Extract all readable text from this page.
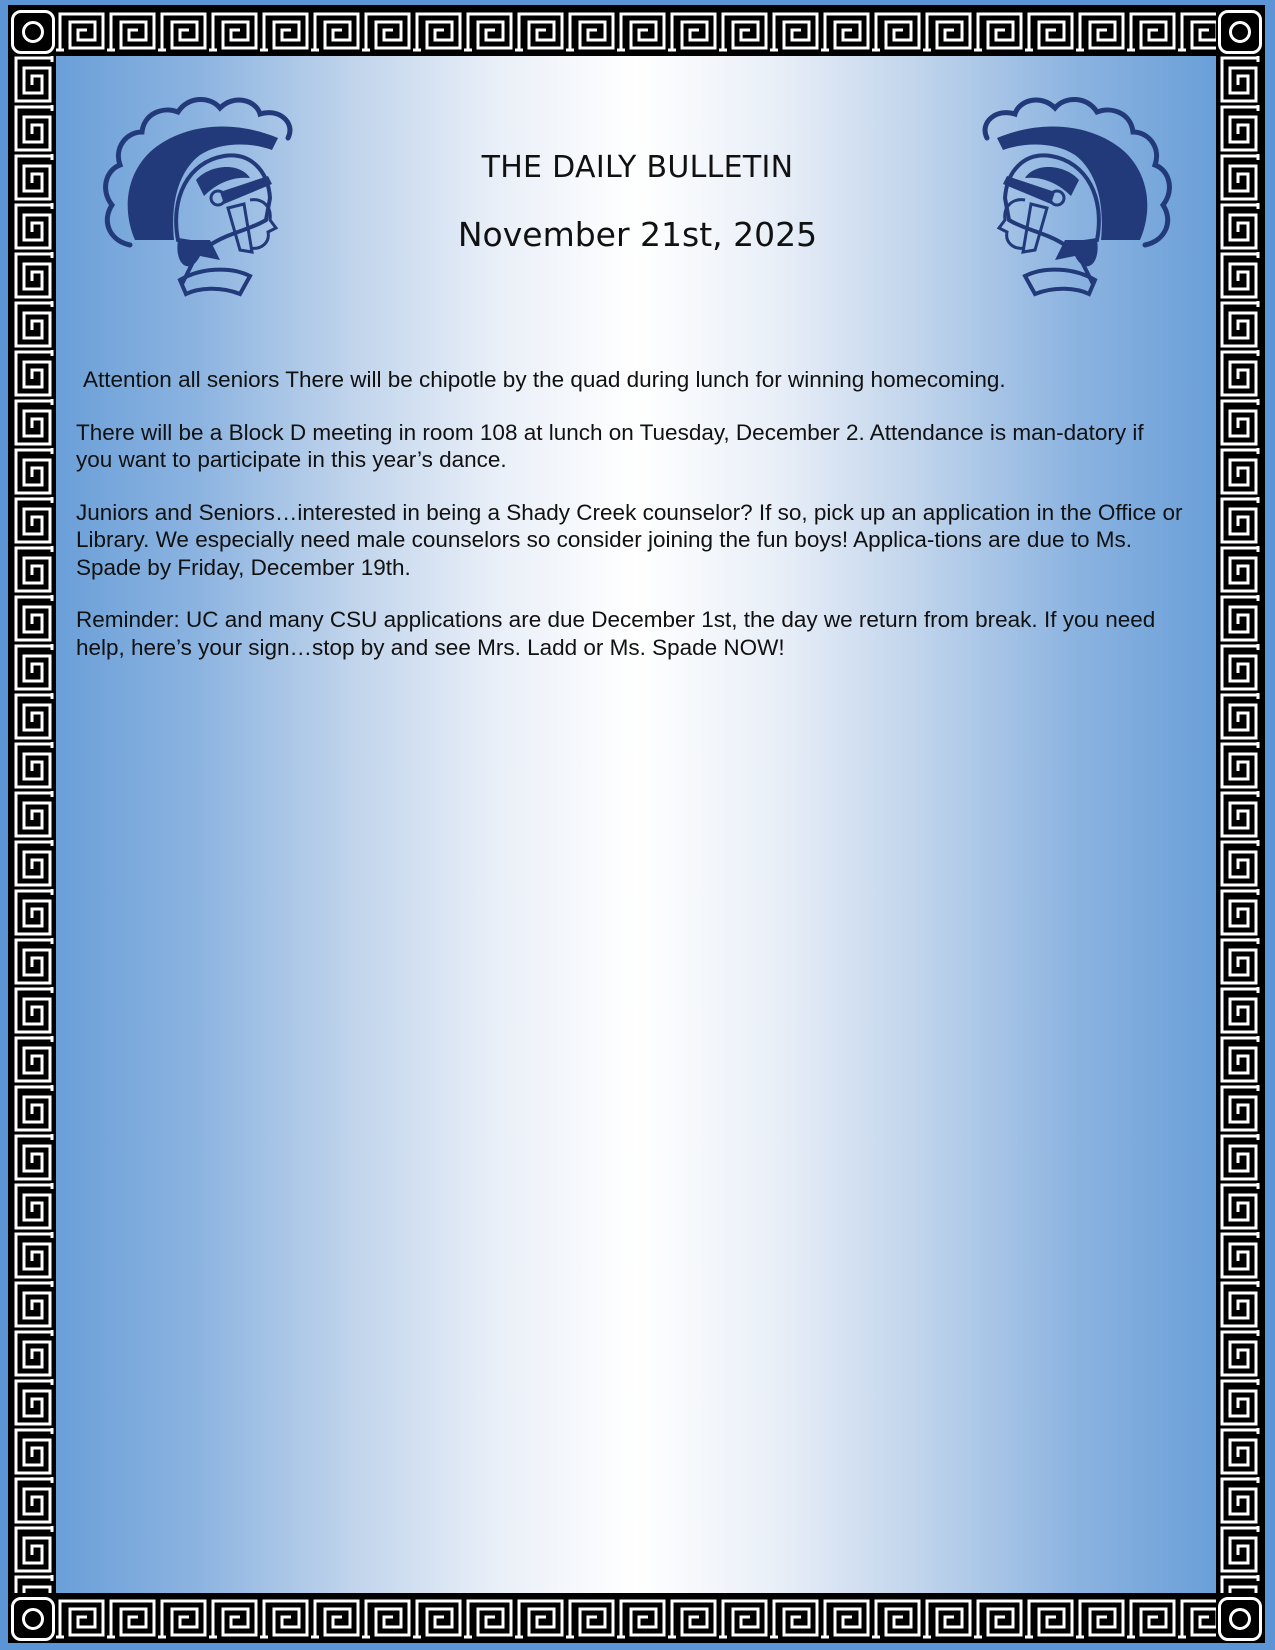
THE DAILY BULLETIN
November 21st, 2025

Attention all seniors There will be chipotle by the quad during lunch for winning homecoming.

There will be a Block D meeting in room 108 at lunch on Tuesday, December 2. Attendance is man-datory if you want to participate in this year’s dance.

Juniors and Seniors…interested in being a Shady Creek counselor? If so, pick up an application in the Office or Library. We especially need male counselors so consider joining the fun boys! Applica-tions are due to Ms. Spade by Friday, December 19th.

Reminder: UC and many CSU applications are due December 1st, the day we return from break. If you need help, here’s your sign…stop by and see Mrs. Ladd or Ms. Spade NOW!
